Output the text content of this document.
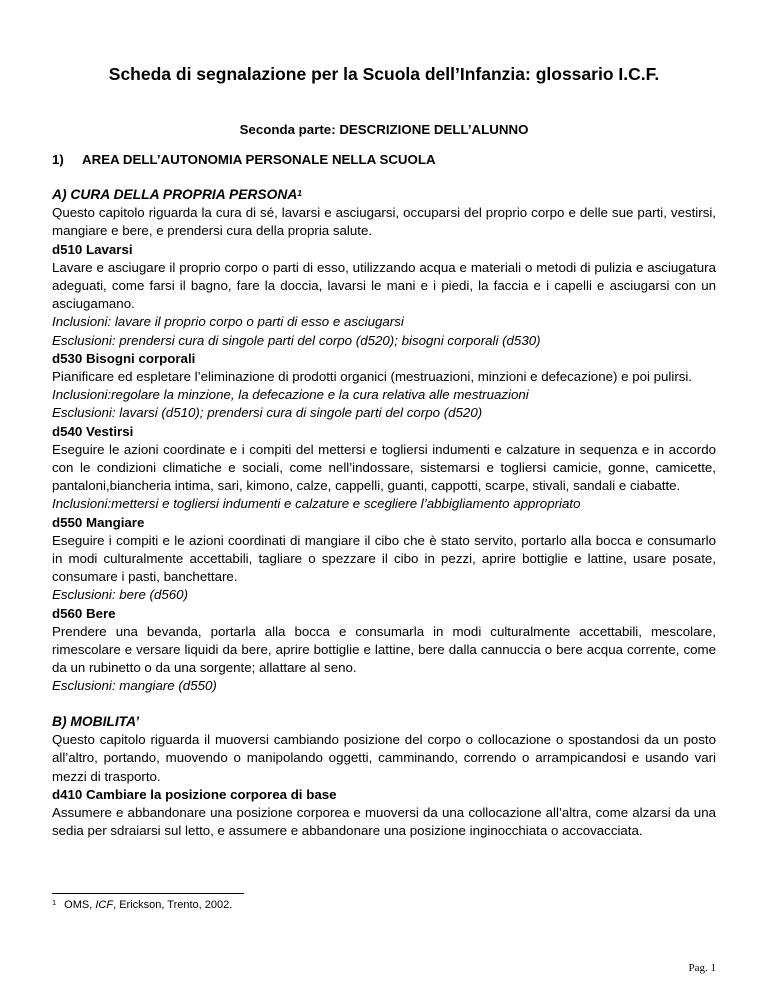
Scheda di segnalazione per la Scuola dell’Infanzia: glossario I.C.F.
Seconda parte: DESCRIZIONE DELL’ALUNNO
1) AREA DELL’AUTONOMIA PERSONALE NELLA SCUOLA

A) CURA DELLA PROPRIA PERSONA$^1$

Questo capitolo riguarda la cura di sé, lavarsi e asciugarsi, occuparsi del proprio corpo e delle sue parti, vestirsi, mangiare e bere, e prendersi cura della propria salute.

d510 Lavarsi

Lavare e asciugare il proprio corpo o parti di esso, utilizzando acqua e materiali o metodi di pulizia e asciugatura adeguati, come farsi il bagno, fare la doccia, lavarsi le mani e i piedi, la faccia e i capelli e asciugarsi con un asciugamano.

Inclusioni: lavare il proprio corpo o parti di esso e asciugarsi

Esclusioni: prendersi cura di singole parti del corpo (d520); bisogni corporali (d530)

d530 Bisogni corporali

Pianificare ed espletare l’eliminazione di prodotti organici (mestruazioni, minzioni e defecazione) e poi pulirsi.

Inclusioni:regolare la minzione, la defecazione e la cura relativa alle mestruazioni

Esclusioni: lavarsi (d510); prendersi cura di singole parti del corpo (d520)

d540 Vestirsi

Eseguire le azioni coordinate e i compiti del mettersi e togliersi indumenti e calzature in sequenza e in accordo con le condizioni climatiche e sociali, come nell’indossare, sistemarsi e togliersi camicie, gonne, camicette, pantaloni,biancheria intima, sari, kimono, calze, cappelli, guanti, cappotti, scarpe, stivali, sandali e ciabatte.

Inclusioni:mettersi e togliersi indumenti e calzature e scegliere l’abbigliamento appropriato

d550 Mangiare

Eseguire i compiti e le azioni coordinati di mangiare il cibo che è stato servito, portarlo alla bocca e consumarlo in modi culturalmente accettabili, tagliare o spezzare il cibo in pezzi, aprire bottiglie e lattine, usare posate, consumare i pasti, banchettare.

Esclusioni: bere (d560)

d560 Bere

Prendere una bevanda, portarla alla bocca e consumarla in modi culturalmente accettabili, mescolare, rimescolare e versare liquidi da bere, aprire bottiglie e lattine, bere dalla cannuccia o bere acqua corrente, come da un rubinetto o da una sorgente; allattare al seno.

Esclusioni: mangiare (d550)

B) MOBILITA’

Questo capitolo riguarda il muoversi cambiando posizione del corpo o collocazione o spostandosi da un posto all’altro, portando, muovendo o manipolando oggetti, camminando, correndo o arrampicandosi e usando vari mezzi di trasporto.

d410 Cambiare la posizione corporea di base

Assumere e abbandonare una posizione corporea e muoversi da una collocazione all’altra, come alzarsi da una sedia per sdraiarsi sul letto, e assumere e abbandonare una posizione inginocchiata o accovacciata.

$^1$ OMS, ICF, Erickson, Trento, 2002.
Pag. 1
